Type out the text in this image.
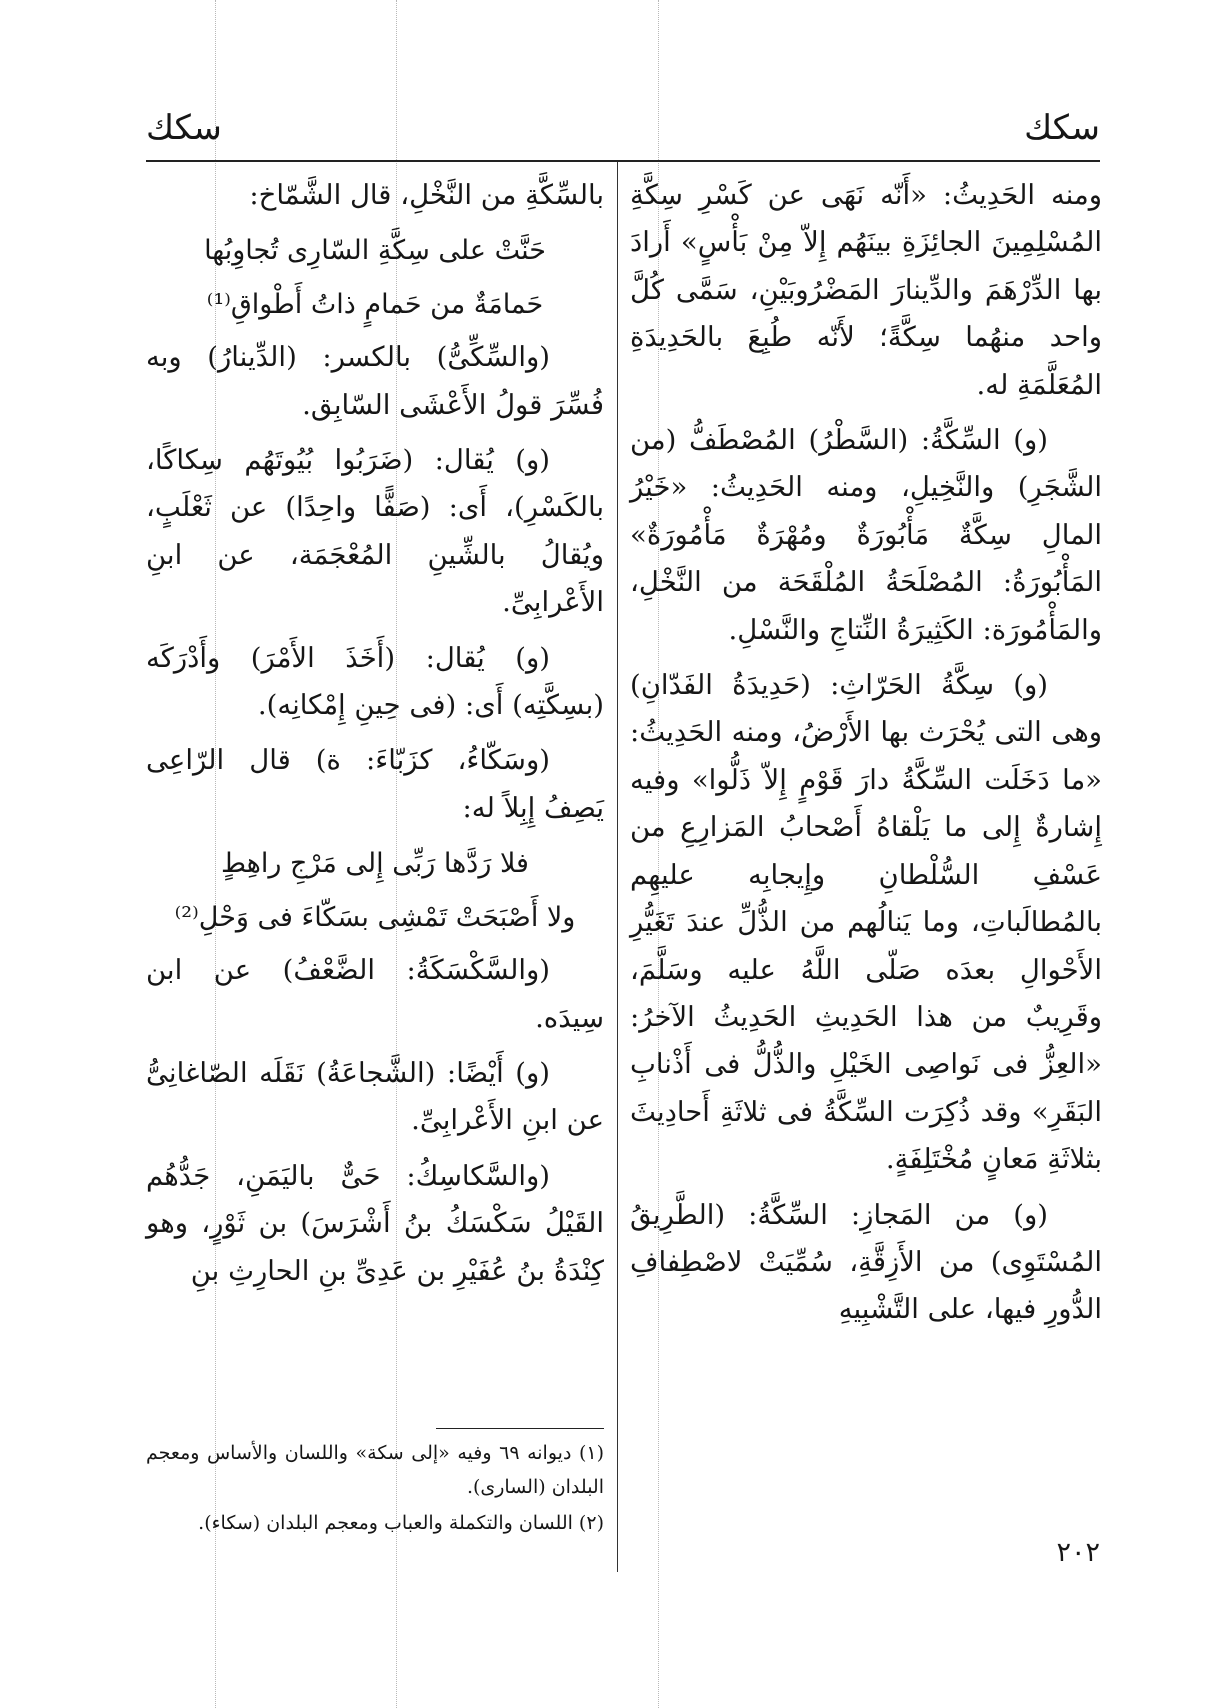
سكك
سكك

ومنه الحَدِيثُ: «أَنّه نَهَى عن كَسْرِ سِكَّةِ المُسْلِمِينَ الجائِزَةِ بينَهُم إِلاّ مِنْ بَأْسٍ» أَرادَ بها الدِّرْهَمَ والدِّينارَ المَضْرُوبَيْنِ، سَمَّى كُلَّ واحد منهُما سِكَّةً؛ لأَنّه طُبِعَ بالحَدِيدَةِ المُعَلَّمَةِ له.

(و) السِّكَّةُ: (السَّطْرُ) المُصْطَفُّ (من الشَّجَرِ) والنَّخِيلِ، ومنه الحَدِيثُ: «خَيْرُ المالِ سِكَّةٌ مَأْبُورَةٌ ومُهْرَةٌ مَأْمُورَةٌ» المَأْبُورَةُ: المُصْلَحَةُ المُلْقَحَة من النَّخْلِ، والمَأْمُورَة: الكَثِيرَةُ النِّتاجِ والنَّسْلِ.

(و) سِكَّةُ الحَرّاثِ: (حَدِيدَةُ الفَدّانِ) وهى التى يُحْرَث بها الأَرْضُ، ومنه الحَدِيثُ: «ما دَخَلَت السِّكَّةُ دارَ قَوْمٍ إِلاّ ذَلُّوا» وفيه إِشارةٌ إِلى ما يَلْقاهُ أَصْحابُ المَزارِعِ من عَسْفِ السُّلْطانِ وإِيجابِه عليهِم بالمُطالَباتِ، وما يَنالُهم من الذُّلِّ عندَ تَغَيُّرِ الأَحْوالِ بعدَه صَلّى اللَّهُ عليه وسَلَّمَ، وقَرِيبٌ من هذا الحَدِيثِ الحَدِيثُ الآخرُ: «العِزُّ فى نَواصِى الخَيْلِ والذُّلُّ فى أَذْنابِ البَقَرِ» وقد ذُكِرَت السِّكَّةُ فى ثلاثَةِ أَحادِيثَ بثلاثَةِ مَعانٍ مُخْتَلِفَةٍ.

(و) من المَجازِ: السِّكَّةُ: (الطَّرِيقُ المُسْتَوِى) من الأَزِقَّةِ، سُمِّيَتْ لاصْطِفافِ الدُّورِ فيها، على التَّشْبِيهِ

بالسِّكَّةِ من النَّخْلِ، قال الشَّمّاخ:

حَنَّتْ على سِكَّةِ السّارِى تُجاوِبُها
حَمامَةٌ من حَمامٍ ذاتُ أَطْواقِ⁽¹⁾

(والسِّكِّىُّ) بالكسر: (الدِّينارُ) وبه فُسِّرَ قولُ الأَعْشَى السّابِق.

(و) يُقال: (ضَرَبُوا بُيُوتَهُم سِكاكًا، بالكَسْرِ)، أَى: (صَفًّا واحِدًا) عن ثَعْلَبٍ، ويُقالُ بالشِّينِ المُعْجَمَة، عن ابنِ الأَعْرابِىِّ.

(و) يُقال: (أَخَذَ الأَمْرَ) وأَدْرَكَه (بسِكَّتِه) أَى: (فى حِينِ إِمْكانِه).

(وسَكّاءُ، كزَبّاءَ: ة) قال الرّاعِى يَصِفُ إِبِلاً له:

فلا رَدَّها رَبِّى إِلى مَرْجِ راهِطٍ
ولا أَصْبَحَتْ تَمْشِى بسَكّاءَ فى وَحْلِ⁽²⁾

(والسَّكْسَكَةُ: الضَّعْفُ) عن ابن سِيدَه.

(و) أَيْضًا: (الشَّجاعَةُ) نَقَلَه الصّاغانِىُّ عن ابنِ الأَعْرابِىِّ.

(والسَّكاسِكُ: حَىٌّ باليَمَنِ، جَدُّهُم القَيْلُ سَكْسَكُ بنُ أَشْرَسَ) بن ثَوْرٍ، وهو كِنْدَةُ بنُ عُفَيْرِ بن عَدِىِّ بنِ الحارِثِ بنِ

(١) ديوانه ٦٩ وفيه «إلى سكة» واللسان والأساس ومعجم البلدان (السارى).

(٢) اللسان والتكملة والعباب ومعجم البلدان (سكاء).

٢٠٢
